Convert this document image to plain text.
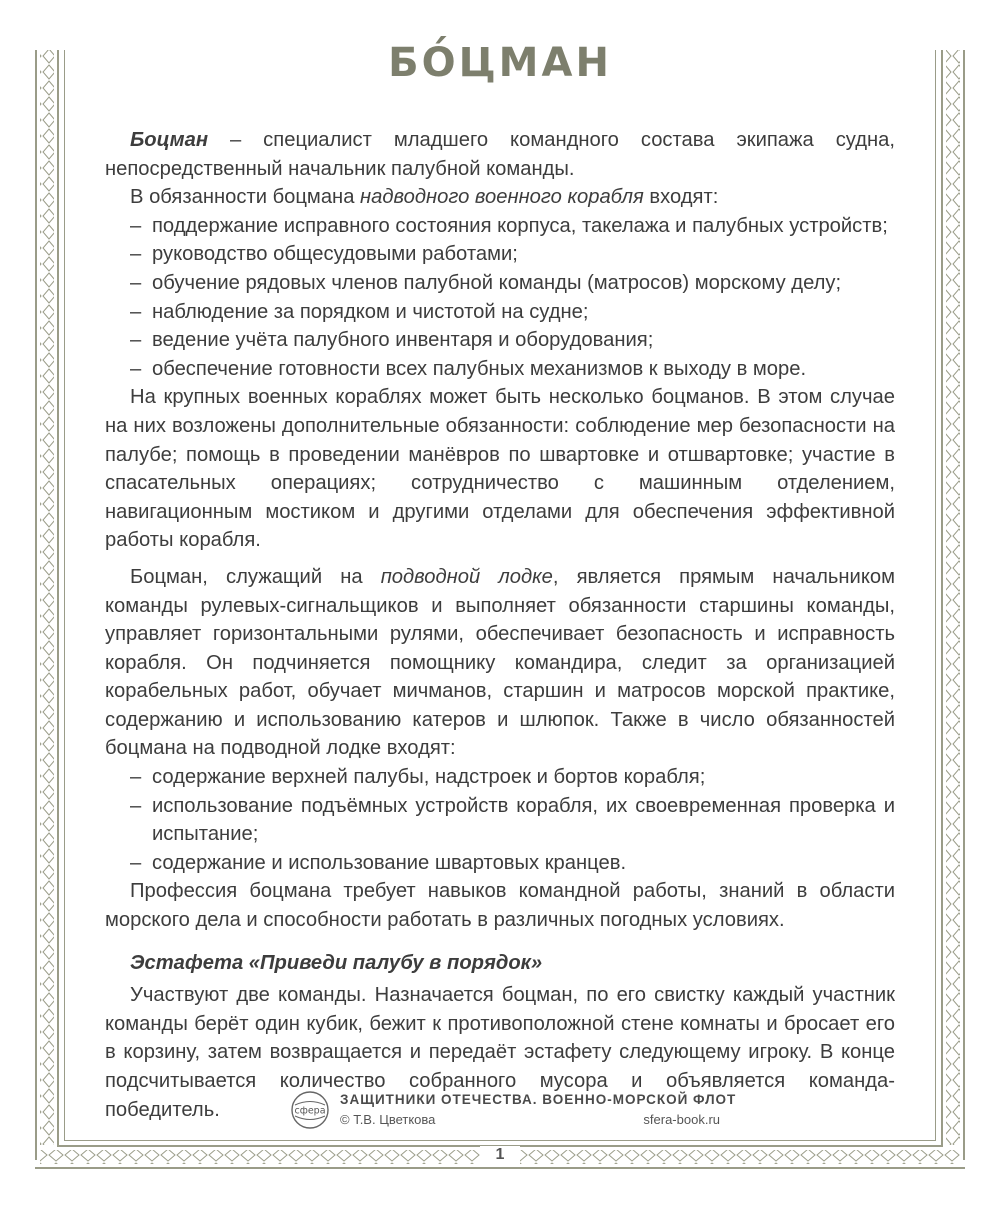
БО́ЦМАН

Боцман – специалист младшего командного состава экипажа судна, непосредственный начальник палубной команды.

В обязанности боцмана надводного военного корабля входят:

– поддержание исправного состояния корпуса, такелажа и палубных устройств;

– руководство общесудовыми работами;

– обучение рядовых членов палубной команды (матросов) морскому делу;

– наблюдение за порядком и чистотой на судне;

– ведение учёта палубного инвентаря и оборудования;

– обеспечение готовности всех палубных механизмов к выходу в море.

На крупных военных кораблях может быть несколько боцманов. В этом случае на них возложены дополнительные обязанности: соблюдение мер безопасности на палубе; помощь в проведении манёвров по швартовке и отшвартовке; участие в спасательных операциях; сотрудничество с машинным отделением, навигационным мостиком и другими отделами для обеспечения эффективной работы корабля.

Боцман, служащий на подводной лодке, является прямым начальником команды рулевых-сигнальщиков и выполняет обязанности старшины команды, управляет горизонтальными рулями, обеспечивает безопасность и исправность корабля. Он подчиняется помощнику командира, следит за организацией корабельных работ, обучает мичманов, старшин и матросов морской практике, содержанию и использованию катеров и шлюпок. Также в число обязанностей боцмана на подводной лодке входят:

– содержание верхней палубы, надстроек и бортов корабля;

– использование подъёмных устройств корабля, их своевременная проверка и испытание;

– содержание и использование швартовых кранцев.

Профессия боцмана требует навыков командной работы, знаний в области морского дела и способности работать в различных погодных условиях.

Эстафета «Приведи палубу в порядок»

Участвуют две команды. Назначается боцман, по его свистку каждый участник команды берёт один кубик, бежит к противоположной стене комнаты и бросает его в корзину, затем возвращается и передаёт эстафету следующему игроку. В конце подсчитывается количество собранного мусора и объявляется команда-победитель.	сфера
ЗАЩИТНИКИ ОТЕЧЕСТВА. ВОЕННО-МОРСКОЙ ФЛОТ
© Т.В. Цветкова	sfera-book.ru
1
